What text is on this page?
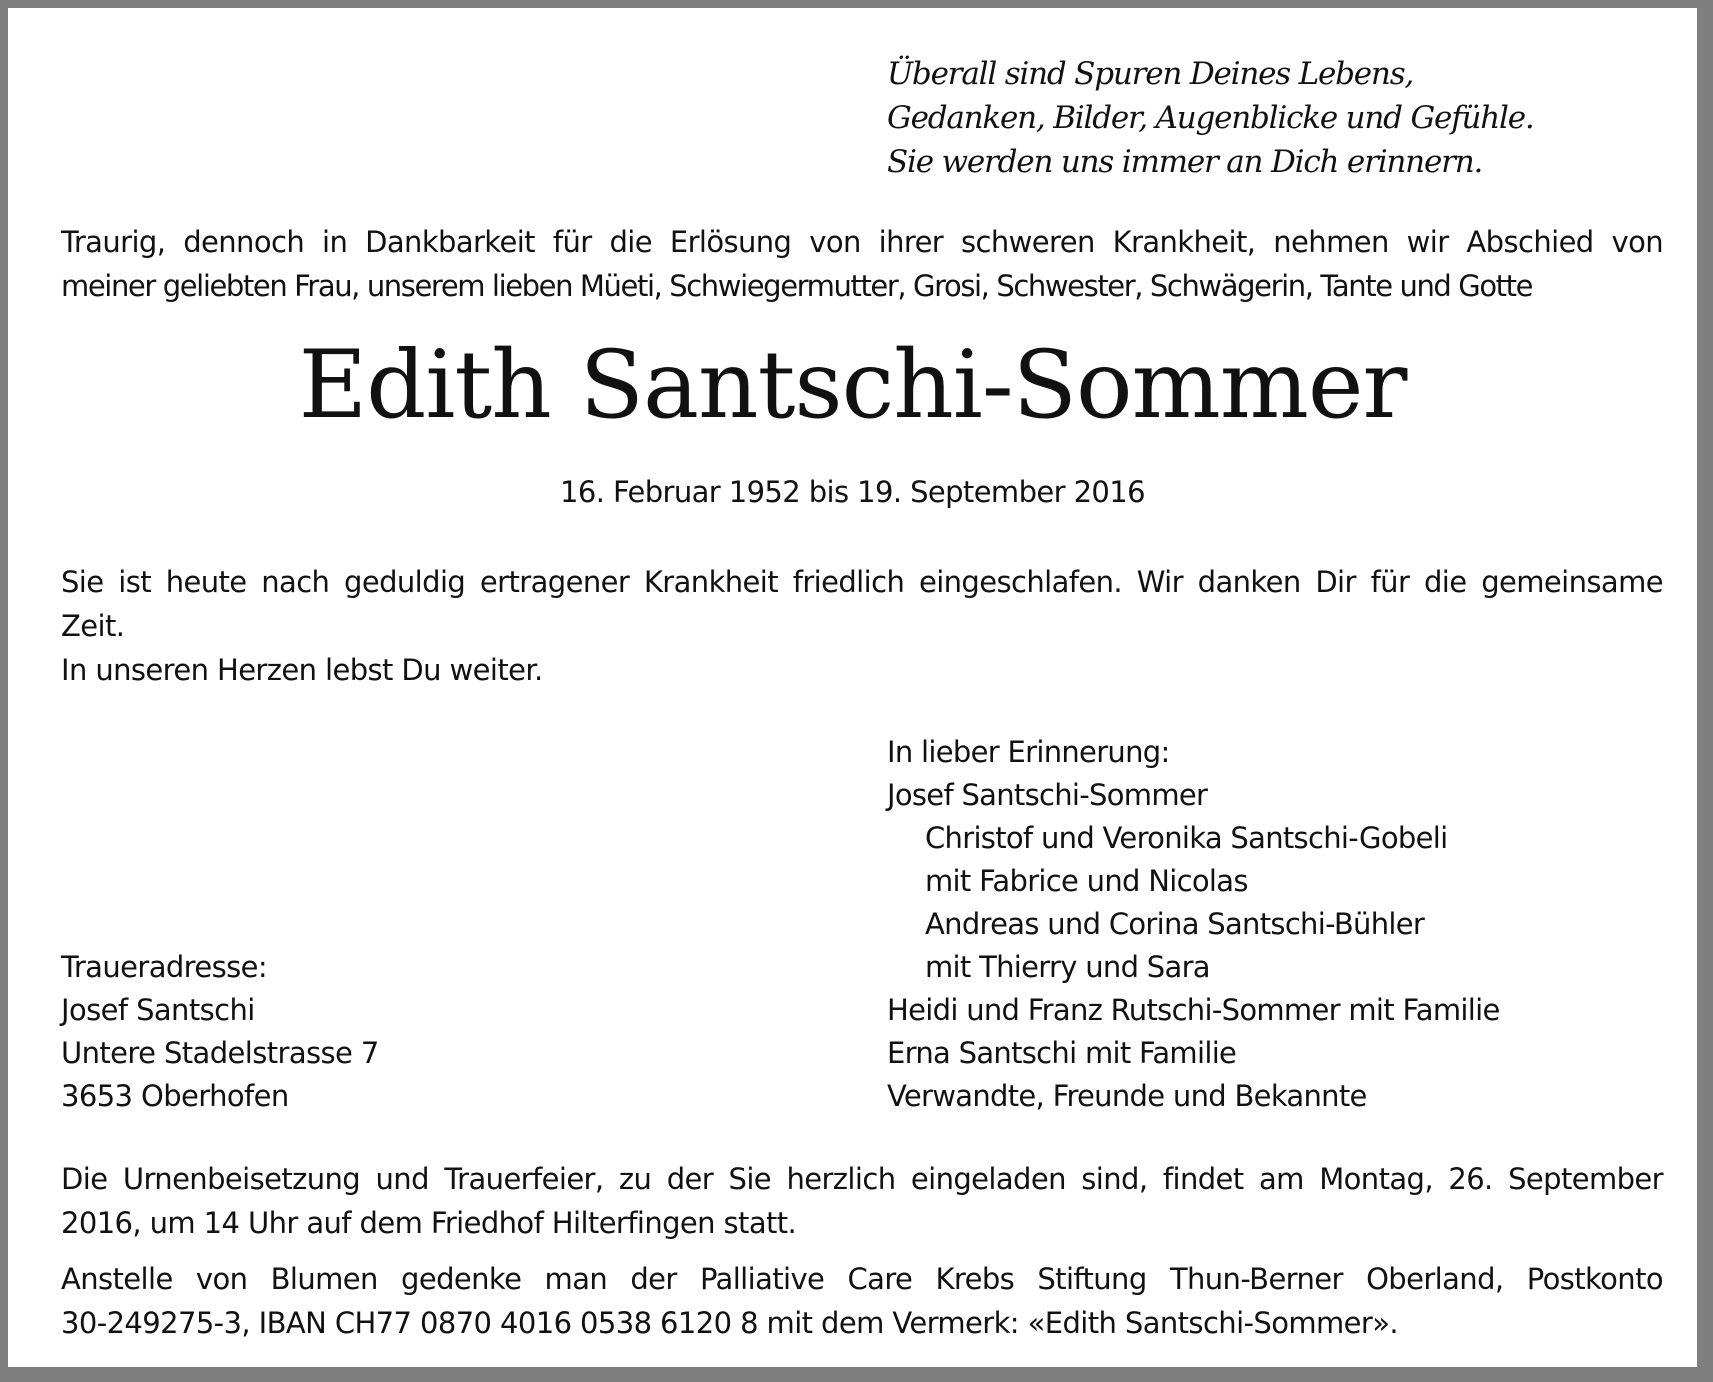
Überall sind Spuren Deines Lebens,
Gedanken, Bilder, Augenblicke und Gefühle.
Sie werden uns immer an Dich erinnern.
Traurig, dennoch in Dankbarkeit für die Erlösung von ihrer schweren Krankheit, nehmen wir Abschied von
meiner geliebten Frau, unserem lieben Müeti, Schwiegermutter, Grosi, Schwester, Schwägerin, Tante und Gotte
Edith Santschi-Sommer
16. Februar 1952 bis 19. September 2016
Sie ist heute nach geduldig ertragener Krankheit friedlich eingeschlafen. Wir danken Dir für die gemeinsame
Zeit.
In unseren Herzen lebst Du weiter.
In lieber Erinnerung:
Josef Santschi-Sommer
Christof und Veronika Santschi-Gobeli
mit Fabrice und Nicolas
Andreas und Corina Santschi-Bühler
mit Thierry und Sara
Heidi und Franz Rutschi-Sommer mit Familie
Erna Santschi mit Familie
Verwandte, Freunde und Bekannte
Traueradresse:
Josef Santschi
Untere Stadelstrasse 7
3653 Oberhofen
Die Urnenbeisetzung und Trauerfeier, zu der Sie herzlich eingeladen sind, findet am Montag, 26. September
2016, um 14 Uhr auf dem Friedhof Hilterfingen statt.
Anstelle von Blumen gedenke man der Palliative Care Krebs Stiftung Thun-Berner Oberland, Postkonto
30-249275-3, IBAN CH77 0870 4016 0538 6120 8 mit dem Vermerk: «Edith Santschi-Sommer».
